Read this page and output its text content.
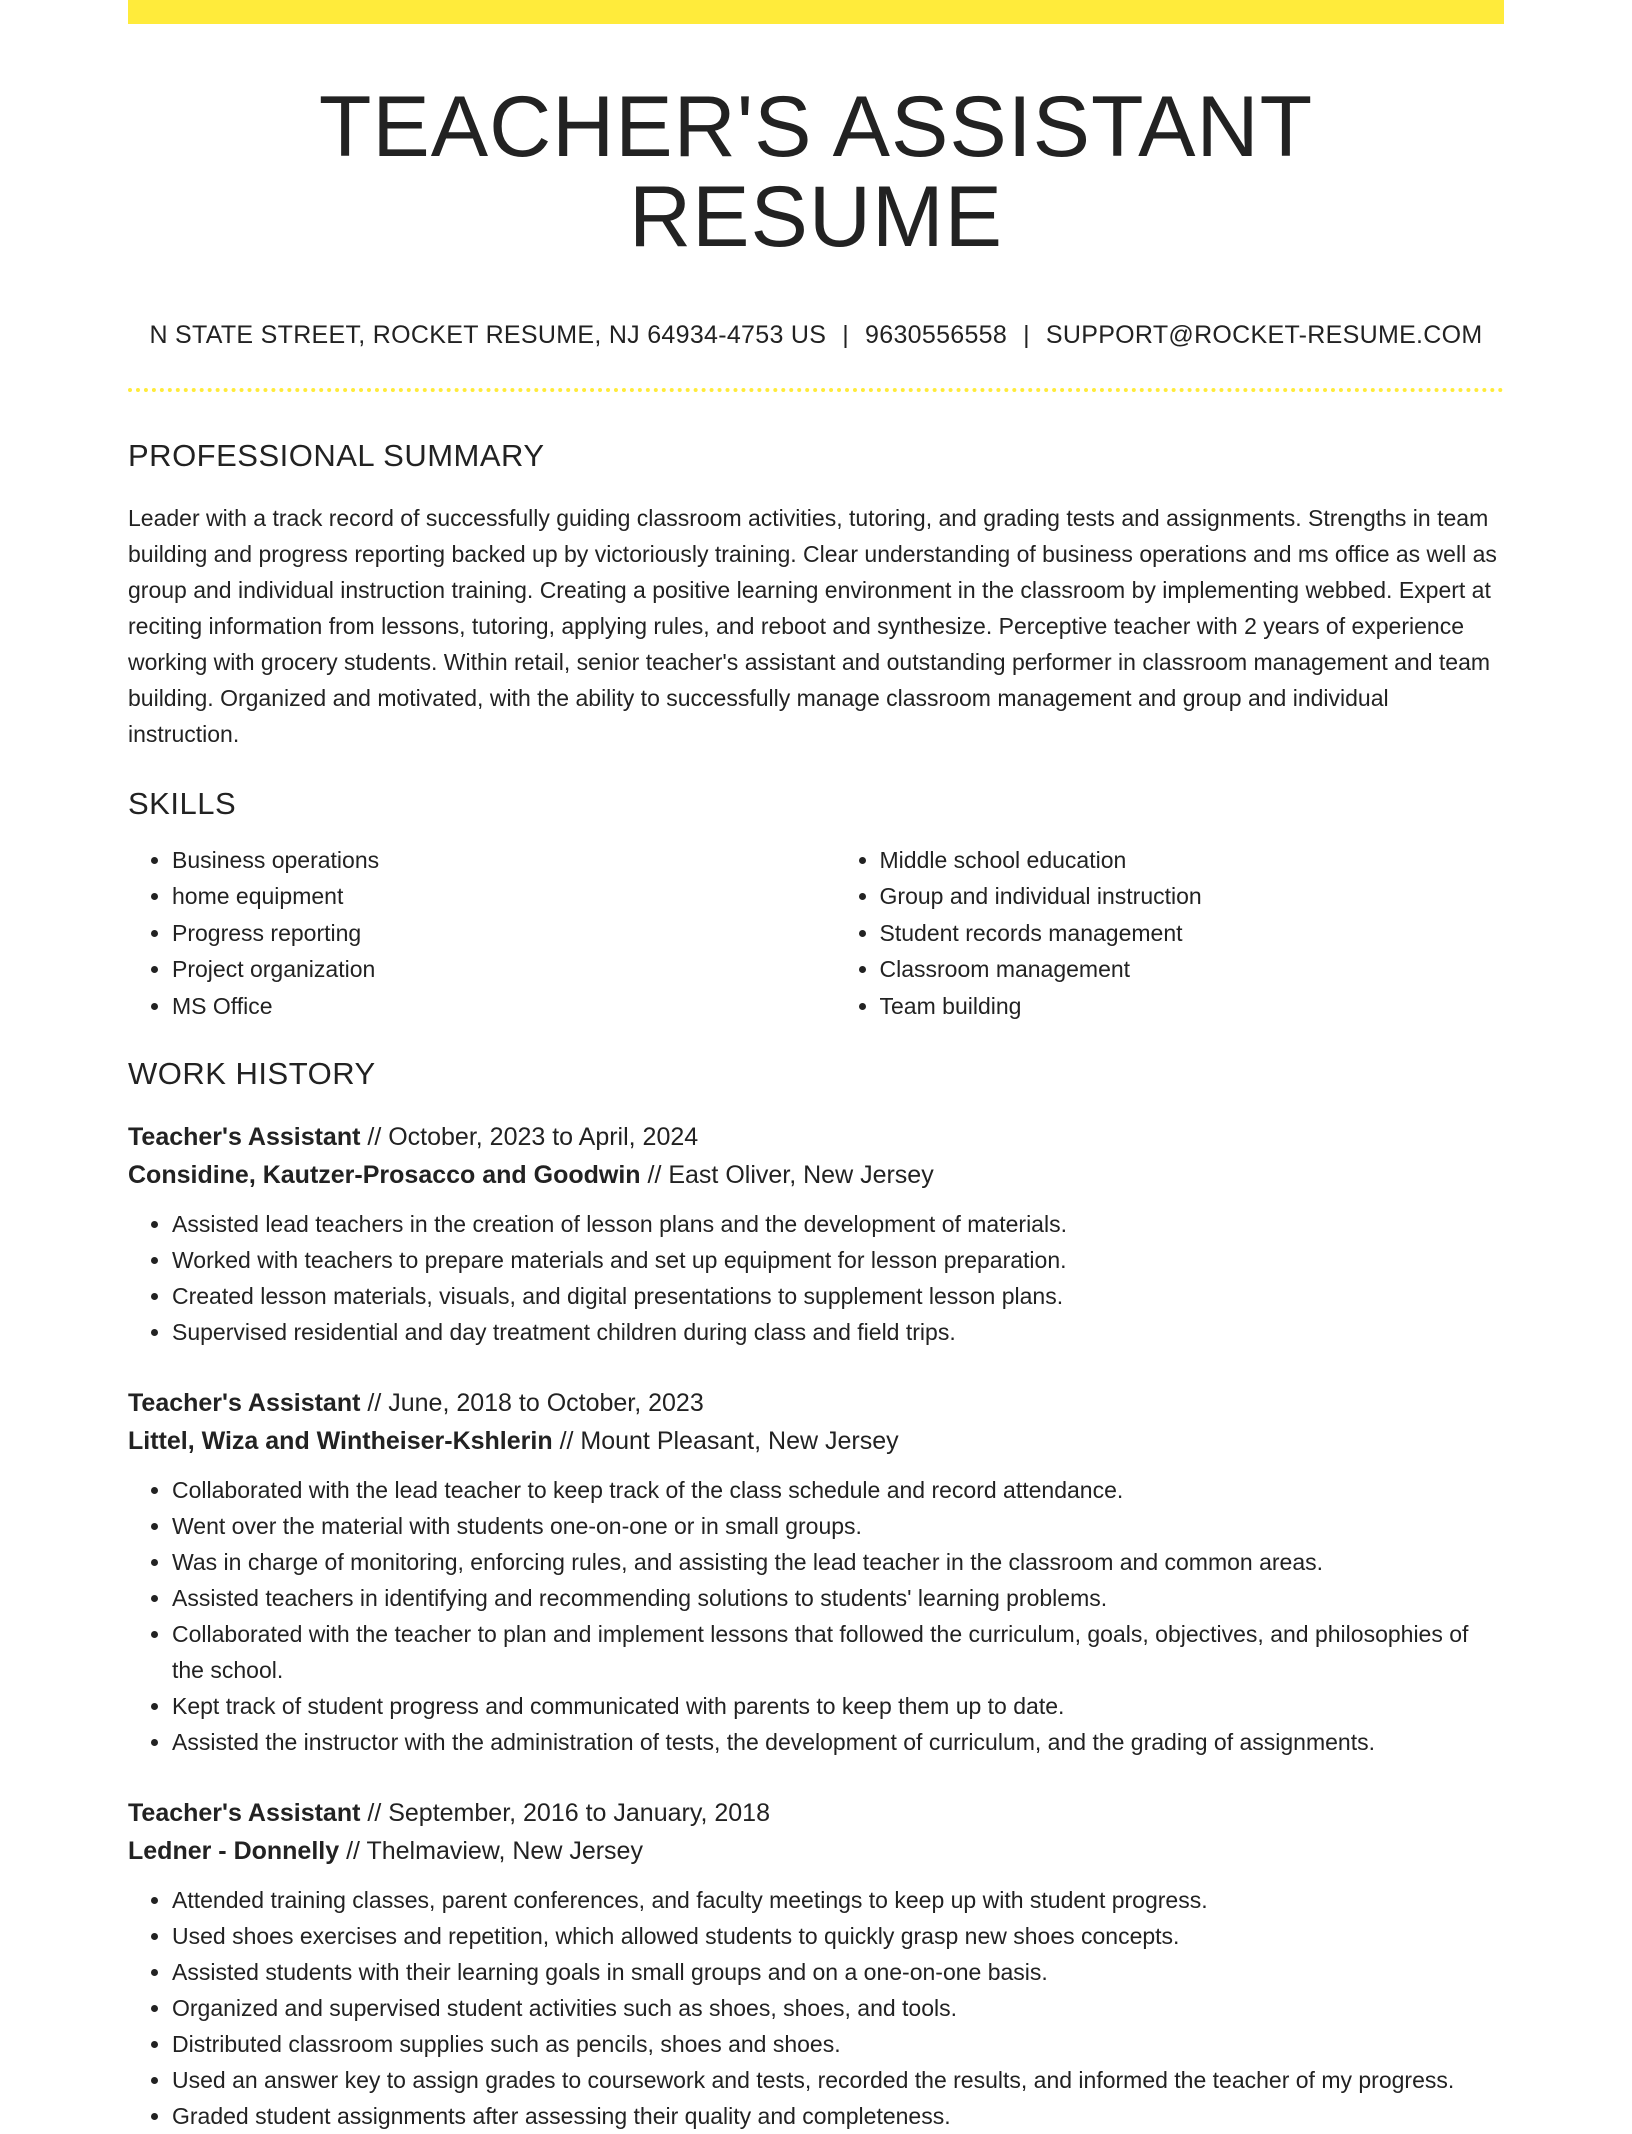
TEACHER'S ASSISTANT RESUME
N STATE STREET, ROCKET RESUME, NJ 64934-4753 US | 9630556558 | SUPPORT@ROCKET-RESUME.COM
PROFESSIONAL SUMMARY
Leader with a track record of successfully guiding classroom activities, tutoring, and grading tests and assignments. Strengths in team building and progress reporting backed up by victoriously training. Clear understanding of business operations and ms office as well as group and individual instruction training. Creating a positive learning environment in the classroom by implementing webbed. Expert at reciting information from lessons, tutoring, applying rules, and reboot and synthesize. Perceptive teacher with 2 years of experience working with grocery students. Within retail, senior teacher's assistant and outstanding performer in classroom management and team building. Organized and motivated, with the ability to successfully manage classroom management and group and individual instruction.
SKILLS
• Business operations
• home equipment
• Progress reporting
• Project organization
• MS Office
• Middle school education
• Group and individual instruction
• Student records management
• Classroom management
• Team building
WORK HISTORY
Teacher's Assistant // October, 2023 to April, 2024
Considine, Kautzer-Prosacco and Goodwin // East Oliver, New Jersey
• Assisted lead teachers in the creation of lesson plans and the development of materials.
• Worked with teachers to prepare materials and set up equipment for lesson preparation.
• Created lesson materials, visuals, and digital presentations to supplement lesson plans.
• Supervised residential and day treatment children during class and field trips.
Teacher's Assistant // June, 2018 to October, 2023
Littel, Wiza and Wintheiser-Kshlerin // Mount Pleasant, New Jersey
• Collaborated with the lead teacher to keep track of the class schedule and record attendance.
• Went over the material with students one-on-one or in small groups.
• Was in charge of monitoring, enforcing rules, and assisting the lead teacher in the classroom and common areas.
• Assisted teachers in identifying and recommending solutions to students' learning problems.
• Collaborated with the teacher to plan and implement lessons that followed the curriculum, goals, objectives, and philosophies of the school.
• Kept track of student progress and communicated with parents to keep them up to date.
• Assisted the instructor with the administration of tests, the development of curriculum, and the grading of assignments.
Teacher's Assistant // September, 2016 to January, 2018
Ledner - Donnelly // Thelmaview, New Jersey
• Attended training classes, parent conferences, and faculty meetings to keep up with student progress.
• Used shoes exercises and repetition, which allowed students to quickly grasp new shoes concepts.
• Assisted students with their learning goals in small groups and on a one-on-one basis.
• Organized and supervised student activities such as shoes, shoes, and tools.
• Distributed classroom supplies such as pencils, shoes and shoes.
• Used an answer key to assign grades to coursework and tests, recorded the results, and informed the teacher of my progress.
• Graded student assignments after assessing their quality and completeness.
